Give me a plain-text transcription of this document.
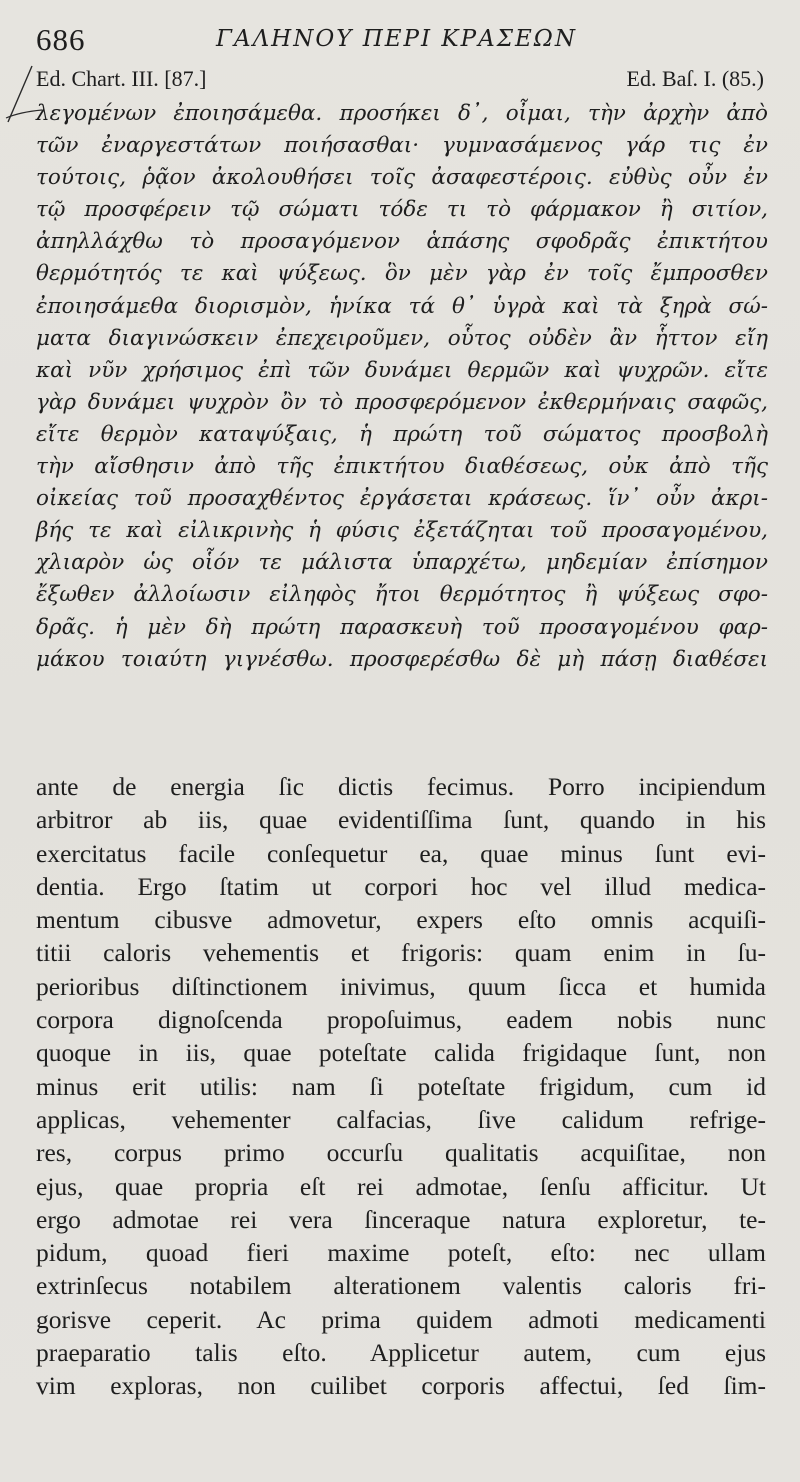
686	ΓΑΛΗΝΟΥ ΠΕΡΙ ΚΡΑΣΕΩΝ
Ed. Chart. III. [87.]	Ed. Baſ. I. (85.)
λεγομένων ἐποιησάμεθα. προσήκει δ᾽, οἶμαι, τὴν ἀρχὴν ἀπὸ
τῶν ἐναργεστάτων ποιήσασθαι· γυμνασάμενος γάρ τις ἐν
τούτοις, ῥᾷον ἀκολουθήσει τοῖς ἀσαφεστέροις. εὐθὺς οὖν ἐν
τῷ προσφέρειν τῷ σώματι τόδε τι τὸ φάρμακον ἢ σιτίον,
ἀπηλλάχθω τὸ προσαγόμενον ἁπάσης σφοδρᾶς ἐπικτήτου
θερμότητός τε καὶ ψύξεως. ὃν μὲν γὰρ ἐν τοῖς ἔμπροσθεν
ἐποιησάμεθα διορισμὸν, ἡνίκα τά θ᾽ ὑγρὰ καὶ τὰ ξηρὰ σώ-
ματα διαγινώσκειν ἐπεχειροῦμεν, οὗτος οὐδὲν ἂν ἧττον εἴη
καὶ νῦν χρήσιμος ἐπὶ τῶν δυνάμει θερμῶν καὶ ψυχρῶν. εἴτε
γὰρ δυνάμει ψυχρὸν ὂν τὸ προσφερόμενον ἐκθερμήναις σαφῶς,
εἴτε θερμὸν καταψύξαις, ἡ πρώτη τοῦ σώματος προσβολὴ
τὴν αἴσθησιν ἀπὸ τῆς ἐπικτήτου διαθέσεως, οὐκ ἀπὸ τῆς
οἰκείας τοῦ προσαχθέντος ἐργάσεται κράσεως. ἵν᾽ οὖν ἀκρι-
βής τε καὶ εἰλικρινὴς ἡ φύσις ἐξετάζηται τοῦ προσαγομένου,
χλιαρὸν ὡς οἷόν τε μάλιστα ὑπαρχέτω, μηδεμίαν ἐπίσημον
ἔξωθεν ἀλλοίωσιν εἰληφὸς ἤτοι θερμότητος ἢ ψύξεως σφο-
δρᾶς. ἡ μὲν δὴ πρώτη παρασκευὴ τοῦ προσαγομένου φαρ-
μάκου τοιαύτη γιγνέσθω. προσφερέσθω δὲ μὴ πάσῃ διαθέσει
ante de energia ſic dictis fecimus. Porro incipiendum
arbitror ab iis, quae evidentiſſima ſunt, quando in his
exercitatus facile conſequetur ea, quae minus ſunt evi-
dentia. Ergo ſtatim ut corpori hoc vel illud medica-
mentum cibusve admovetur, expers eſto omnis acquiſi-
titii caloris vehementis et frigoris: quam enim in ſu-
perioribus diſtinctionem inivimus, quum ſicca et humida
corpora dignoſcenda propoſuimus, eadem nobis nunc
quoque in iis, quae poteſtate calida frigidaque ſunt, non
minus erit utilis: nam ſi poteſtate frigidum, cum id
applicas, vehementer calfacias, ſive calidum refrige-
res, corpus primo occurſu qualitatis acquiſitae, non
ejus, quae propria eſt rei admotae, ſenſu afficitur. Ut
ergo admotae rei vera ſinceraque natura exploretur, te-
pidum, quoad fieri maxime poteſt, eſto: nec ullam
extrinſecus notabilem alterationem valentis caloris fri-
gorisve ceperit. Ac prima quidem admoti medicamenti
praeparatio talis eſto. Applicetur autem, cum ejus
vim exploras, non cuilibet corporis affectui, ſed ſim-
